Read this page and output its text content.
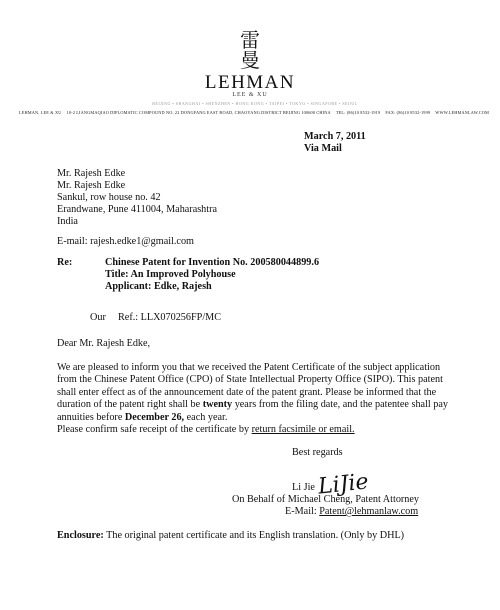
雷
曼
LEHMAN
LEE & XU
BEIJING • SHANGHAI • SHENZHEN • HONG KONG • TAIPEI • TOKYO • SINGAPORE • SEOUL
LEHMAN, LEE & XU 10-2 LIANGMAQIAO DIPLOMATIC COMPOUND NO. 22 DONGFANG EAST ROAD, CHAOYANG DISTRICT BEIJING 100600 CHINA TEL: (86)10 8532-1919 FAX: (86)10 8532-1999 WWW.LEHMANLAW.COM
March 7, 2011
Via Mail
Mr. Rajesh Edke
Mr. Rajesh Edke
Sankul, row house no. 42
Erandwane, Pune 411004, Maharashtra
India
E-mail: rajesh.edke1@gmail.com
Re:	Chinese Patent for Invention No. 200580044899.6
Title: An Improved Polyhouse
Applicant: Edke, Rajesh
Our Ref.: LLX070256FP/MC
Dear Mr. Rajesh Edke,
We are pleased to inform you that we received the Patent Certificate of the subject application from the Chinese Patent Office (CPO) of State Intellectual Property Office (SIPO). This patent shall enter effect as of the announcement date of the patent grant. Please be informed that the duration of the patent right shall be twenty years from the filing date, and the patentee shall pay annuities before December 26, each year.
Please confirm safe receipt of the certificate by return facsimile or email.
Best regards
LiJie
Li Jie
On Behalf of Michael Cheng, Patent Attorney
E-Mail: Patent@lehmanlaw.com
Enclosure: The original patent certificate and its English translation. (Only by DHL)
